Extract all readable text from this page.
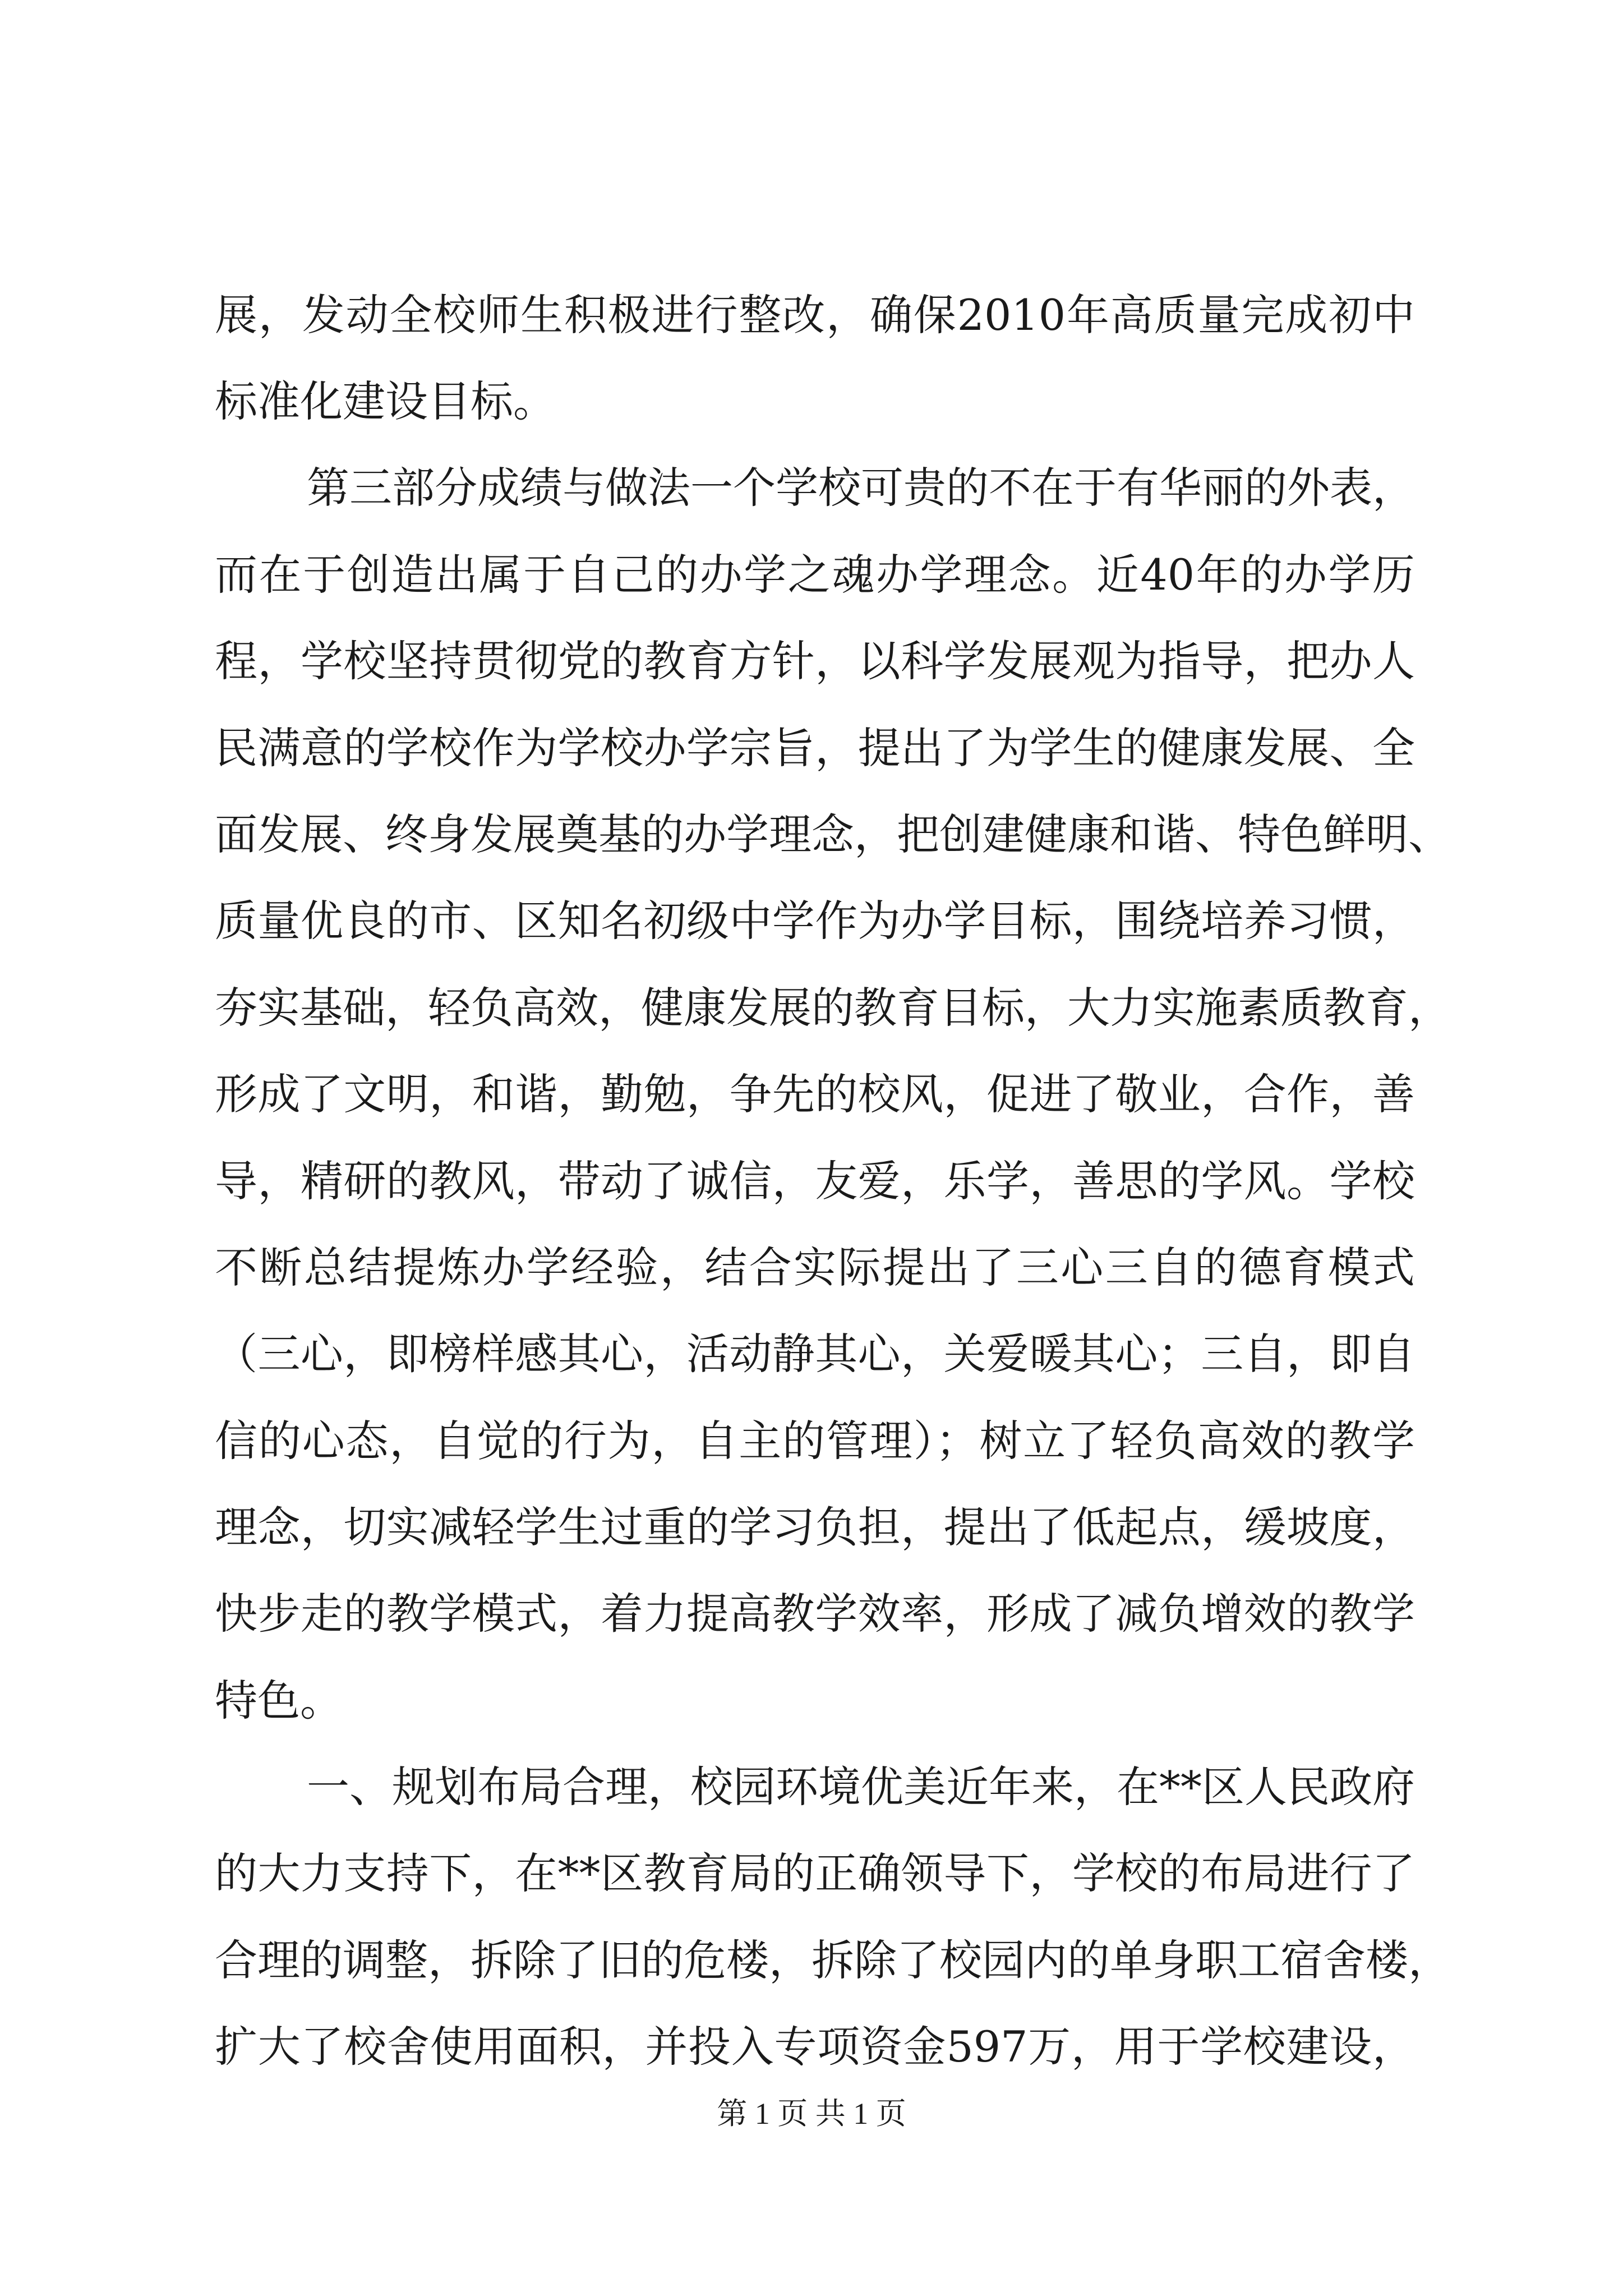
展，发动全校师生积极进行整改，确保2010年高质量完成初中
标准化建设目标。
第三部分成绩与做法一个学校可贵的不在于有华丽的外表，
而在于创造出属于自己的办学之魂办学理念。近40年的办学历
程，学校坚持贯彻党的教育方针，以科学发展观为指导，把办人
民满意的学校作为学校办学宗旨，提出了为学生的健康发展、全
面发展、终身发展奠基的办学理念，把创建健康和谐、特色鲜明、
质量优良的市、区知名初级中学作为办学目标，围绕培养习惯，
夯实基础，轻负高效，健康发展的教育目标，大力实施素质教育，
形成了文明，和谐，勤勉，争先的校风，促进了敬业，合作，善
导，精研的教风，带动了诚信，友爱，乐学，善思的学风。学校
不断总结提炼办学经验，结合实际提出了三心三自的德育模式
（三心，即榜样感其心，活动静其心，关爱暖其心；三自，即自
信的心态，自觉的行为，自主的管理）；树立了轻负高效的教学
理念，切实减轻学生过重的学习负担，提出了低起点，缓坡度，
快步走的教学模式，着力提高教学效率，形成了减负增效的教学
特色。
一、规划布局合理，校园环境优美近年来，在**区人民政府
的大力支持下，在**区教育局的正确领导下，学校的布局进行了
合理的调整，拆除了旧的危楼，拆除了校园内的单身职工宿舍楼，
扩大了校舍使用面积，并投入专项资金597万，用于学校建设，
第 1 页 共 1 页
